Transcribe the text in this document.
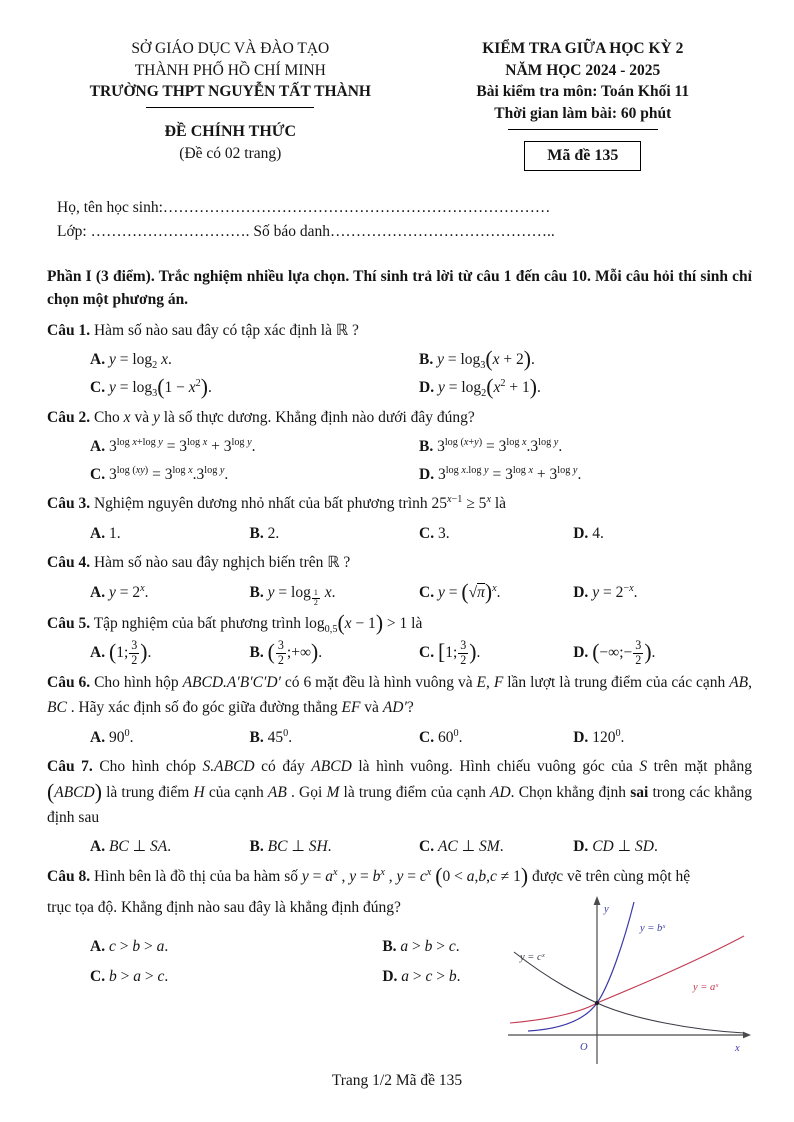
SỞ GIÁO DỤC VÀ ĐÀO TẠO
THÀNH PHỐ HỒ CHÍ MINH
TRƯỜNG THPT NGUYỄN TẤT THÀNH
ĐỀ CHÍNH THỨC
(Đề có 02 trang)
KIỂM TRA GIỮA HỌC KỲ 2
NĂM HỌC 2024 - 2025
Bài kiểm tra môn: Toán Khối 11
Thời gian làm bài: 60 phút
Mã đề 135
Họ, tên học sinh:…………………………………………………………………
Lớp: …………………………. Số báo danh……………………………………..

Phần I (3 điểm). Trắc nghiệm nhiều lựa chọn. Thí sinh trả lời từ câu 1 đến câu 10. Mỗi câu hỏi thí sinh chỉ chọn một phương án.

Câu 1. Hàm số nào sau đây có tập xác định là ℝ ?

A. $y = \log_2 x$.	B. $y = \log_3(x + 2)$.
C. $y = \log_3(1 - x^2)$.	D. $y = \log_2(x^2 + 1)$.

Câu 2. Cho x và y là số thực dương. Khẳng định nào dưới đây đúng?

A. $3^{log x+log y} = 3^{log x} + 3^{log y}$.	B. $3^{log (x+y)} = 3^{log x}.3^{log y}$.
C. $3^{log (xy)} = 3^{log x}.3^{log y}$.	D. $3^{log x.log y} = 3^{log x} + 3^{log y}$.

Câu 3. Nghiệm nguyên dương nhỏ nhất của bất phương trình $25^{x-1} \ge 5^x$ là

A. 1.	B. 2.	C. 3.	D. 4.

Câu 4. Hàm số nào sau đây nghịch biến trên ℝ ?

A. $y = 2^x$.	B. y = log $_{\frac{1}{2}}$ x.	C. $y = (√\pi)^x$.	D. $y = 2^{-x}$.

Câu 5. Tập nghiệm của bất phương trình $\log_{0,5}(x - 1) > 1$ là

A. (1; $\frac{3}{2}$ ).	B. ( $\frac{3}{2}$ ;+∞).	C. [1; $\frac{3}{2}$ ).	D. (−∞;− $\frac{3}{2}$ ).

Câu 6. Cho hình hộp ABCD.A′B′C′D′ có 6 mặt đều là hình vuông và E, F lần lượt là trung điểm của các cạnh AB, BC . Hãy xác định số đo góc giữa đường thẳng EF và AD′?

A. $90^0$.	B. $45^0$.	C. $60^0$.	D. $120^0$.

Câu 7. Cho hình chóp S.ABCD có đáy ABCD là hình vuông. Hình chiếu vuông góc của S trên mặt phẳng (ABCD) là trung điểm H của cạnh AB . Gọi M là trung điểm của cạnh AD. Chọn khẳng định sai trong các khẳng định sau

A. BC ⊥ SA.	B. BC ⊥ SH.	C. AC ⊥ SM.	D. CD ⊥ SD.

Câu 8. Hình bên là đồ thị của ba hàm số $y = a^x$ , $y = b^x$ , $y = c^x$ (0 < a,b,c ≠ 1) được vẽ trên cùng một hệ

trục tọa độ. Khẳng định nào sau đây là khẳng định đúng?

A. c > b > a.	B. a > b > c.
C. b > a > c.	D. a > c > b.
y
x
O
y = bˣ
y = aˣ
y = cˣ
Trang 1/2 Mã đề 135
